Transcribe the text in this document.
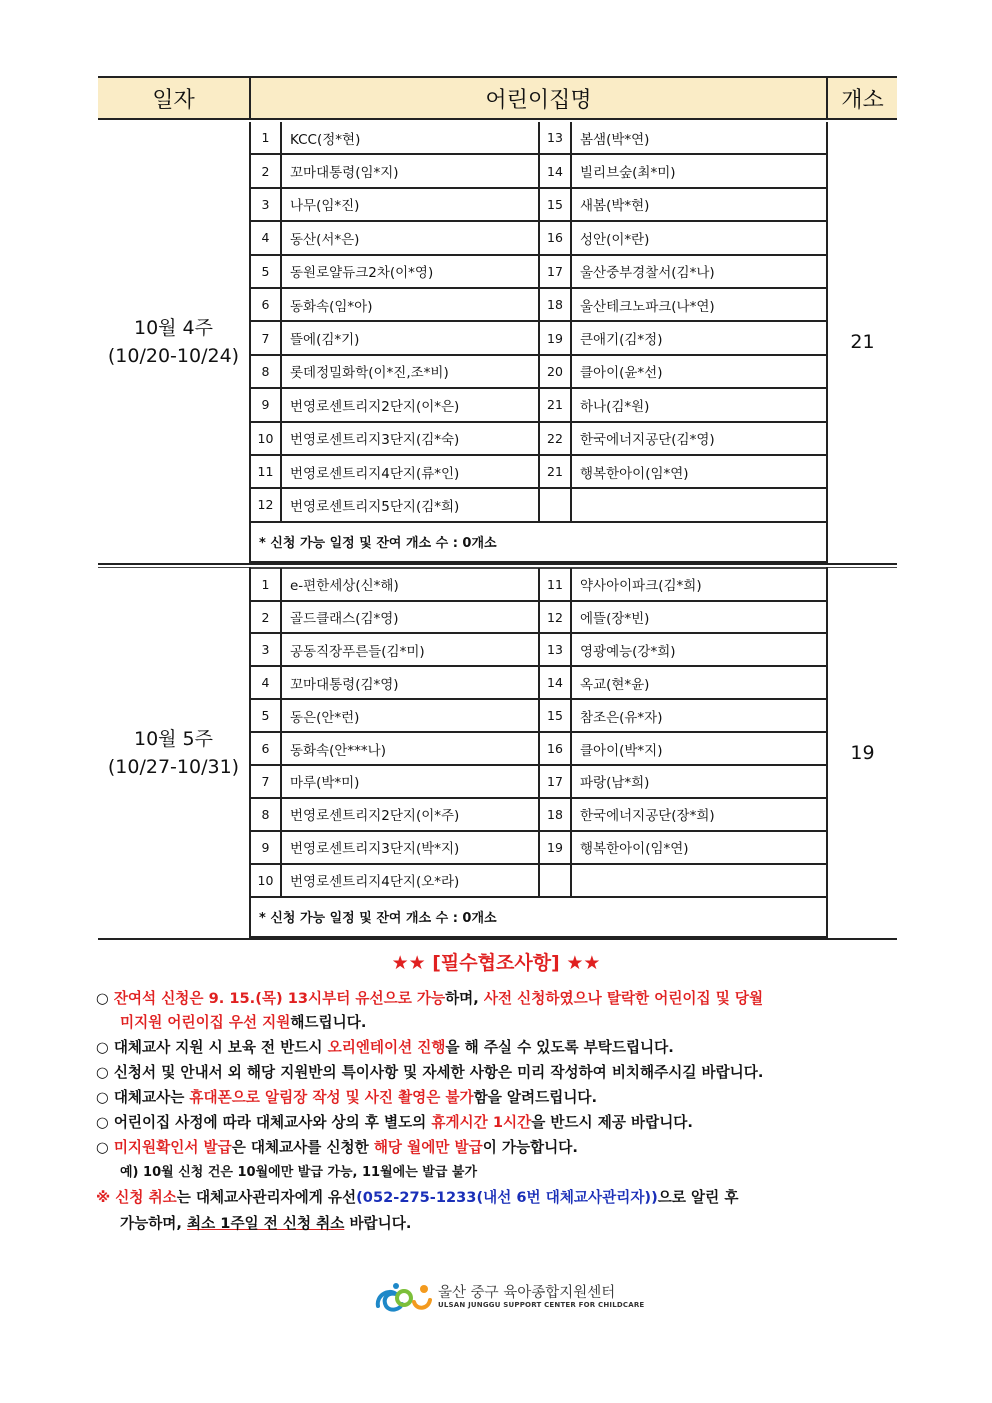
일자	어린이집명	개소

10월 4주
(10/20-10/24)

1	KCC(정*현)	13	봄샘(박*연)
2	꼬마대통령(임*지)	14	빌리브숲(최*미)
3	나무(임*진)	15	새봄(박*현)
4	동산(서*은)	16	성안(이*란)
5	동원로얄듀크2차(이*영)	17	울산중부경찰서(김*나)
6	동화속(임*아)	18	울산테크노파크(나*연)
7	뜰에(김*기)	19	큰애기(김*정)
8	롯데정밀화학(이*진,조*비)	20	클아이(윤*선)
9	번영로센트리지2단지(이*은)	21	하나(김*원)
10	번영로센트리지3단지(김*숙)	22	한국에너지공단(김*영)
11	번영로센트리지4단지(류*인)	21	행복한아이(임*연)
12	번영로센트리지5단지(김*희)		
* 신청 가능 일정 및 잔여 개소 수 : 0개소
	21

10월 5주
(10/27-10/31)

1	e-편한세상(신*해)	11	약사아이파크(김*희)
2	골드클래스(김*영)	12	에뜰(장*빈)
3	공동직장푸른들(김*미)	13	영광예능(강*희)
4	꼬마대통령(김*영)	14	옥교(현*윤)
5	동은(안*런)	15	참조은(유*자)
6	동화속(안***나)	16	클아이(박*지)
7	마루(박*미)	17	파랑(남*희)
8	번영로센트리지2단지(이*주)	18	한국에너지공단(장*희)
9	번영로센트리지3단지(박*지)	19	행복한아이(임*연)
10	번영로센트리지4단지(오*라)		
* 신청 가능 일정 및 잔여 개소 수 : 0개소
	19
★★ [필수협조사항] ★★
○ 잔여석 신청은 9. 15.(목) 13시부터 유선으로 가능하며, 사전 신청하였으나 탈락한 어린이집 및 당월
미지원 어린이집 우선 지원해드립니다.
○ 대체교사 지원 시 보육 전 반드시 오리엔테이션 진행을 해 주실 수 있도록 부탁드립니다.
○ 신청서 및 안내서 외 해당 지원반의 특이사항 및 자세한 사항은 미리 작성하여 비치해주시길 바랍니다.
○ 대체교사는 휴대폰으로 알림장 작성 및 사진 촬영은 불가함을 알려드립니다.
○ 어린이집 사정에 따라 대체교사와 상의 후 별도의 휴게시간 1시간을 반드시 제공 바랍니다.
○ 미지원확인서 발급은 대체교사를 신청한 해당 월에만 발급이 가능합니다.
예) 10월 신청 건은 10월에만 발급 가능, 11월에는 발급 불가
※ 신청 취소는 대체교사관리자에게 유선(052-275-1233(내선 6번 대체교사관리자))으로 알린 후
가능하며, 최소 1주일 전 신청 취소 바랍니다.
울산 중구 육아종합지원센터
ULSAN JUNGGU SUPPORT CENTER FOR CHILDCARE
